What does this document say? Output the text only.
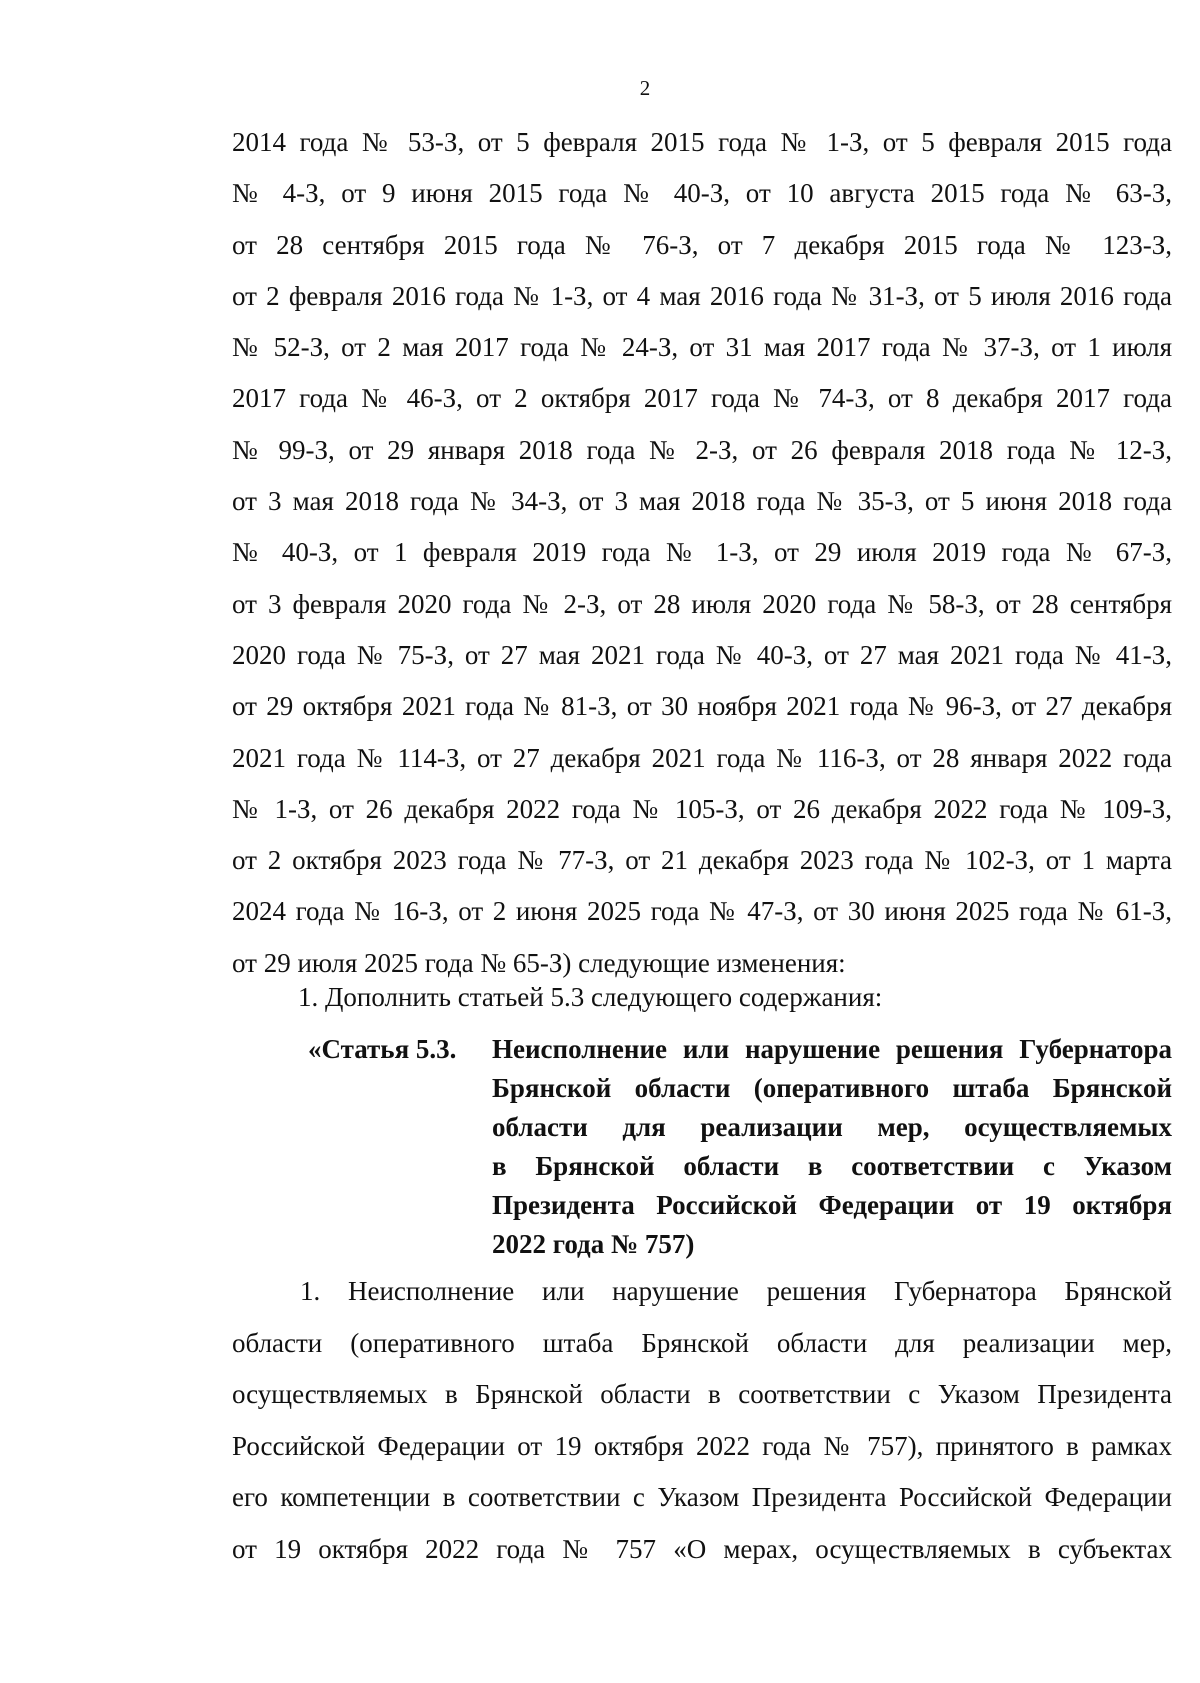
2
2014 года № 53-З, от 5 февраля 2015 года № 1-З, от 5 февраля 2015 года
№ 4-З, от 9 июня 2015 года № 40-З, от 10 августа 2015 года № 63-З,
от 28 сентября 2015 года № 76-З, от 7 декабря 2015 года № 123-З,
от 2 февраля 2016 года № 1-З, от 4 мая 2016 года № 31-З, от 5 июля 2016 года
№ 52-З, от 2 мая 2017 года № 24-З, от 31 мая 2017 года № 37-З, от 1 июля
2017 года № 46-З, от 2 октября 2017 года № 74-З, от 8 декабря 2017 года
№ 99-З, от 29 января 2018 года № 2-З, от 26 февраля 2018 года № 12-З,
от 3 мая 2018 года № 34-З, от 3 мая 2018 года № 35-З, от 5 июня 2018 года
№ 40-З, от 1 февраля 2019 года № 1-З, от 29 июля 2019 года № 67-З,
от 3 февраля 2020 года № 2-З, от 28 июля 2020 года № 58-З, от 28 сентября
2020 года № 75-З, от 27 мая 2021 года № 40-З, от 27 мая 2021 года № 41-З,
от 29 октября 2021 года № 81-З, от 30 ноября 2021 года № 96-З, от 27 декабря
2021 года № 114-З, от 27 декабря 2021 года № 116-З, от 28 января 2022 года
№ 1-З, от 26 декабря 2022 года № 105-З, от 26 декабря 2022 года № 109-З,
от 2 октября 2023 года № 77-З, от 21 декабря 2023 года № 102-З, от 1 марта
2024 года № 16-З, от 2 июня 2025 года № 47-З, от 30 июня 2025 года № 61-З,
от 29 июля 2025 года № 65-З) следующие изменения:
1. Дополнить статьей 5.3 следующего содержания:
«Статья 5.3. Неисполнение или нарушение решения Губернатора
Брянской области (оперативного штаба Брянской
области для реализации мер, осуществляемых
в Брянской области в соответствии с Указом
Президента Российской Федерации от 19 октября
2022 года № 757)
1. Неисполнение или нарушение решения Губернатора Брянской
области (оперативного штаба Брянской области для реализации мер,
осуществляемых в Брянской области в соответствии с Указом Президента
Российской Федерации от 19 октября 2022 года № 757), принятого в рамках
его компетенции в соответствии с Указом Президента Российской Федерации
от 19 октября 2022 года № 757 «О мерах, осуществляемых в субъектах
